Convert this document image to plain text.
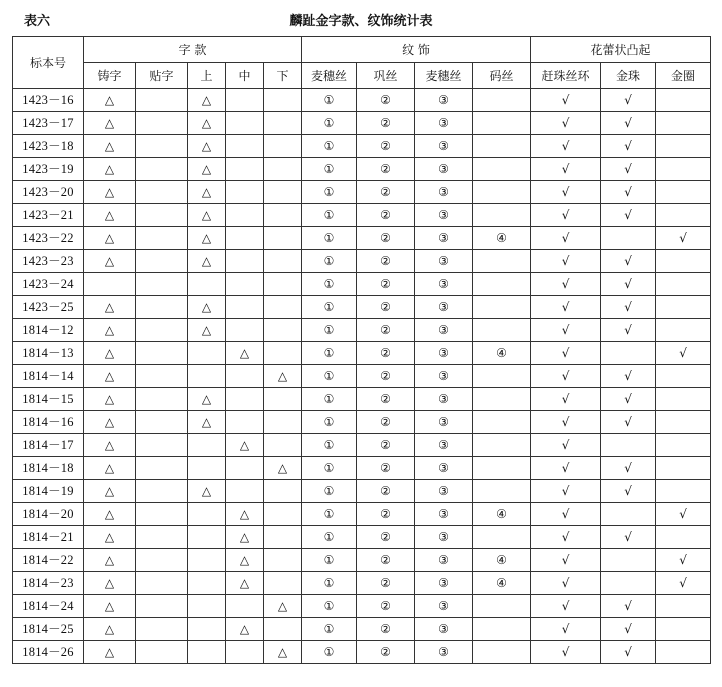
表六	麟趾金字款、纹饰统计表
标本号	字 款					纹 饰				花蕾状凸起		
	铸字	贴字	上	中	下	麦穗丝	巩丝	麦穗丝	码丝	赶珠丝环	金珠	金圈
1423－16	△		△			①	②	③		√	√	
1423－17	△		△			①	②	③		√	√	
1423－18	△		△			①	②	③		√	√	
1423－19	△		△			①	②	③		√	√	
1423－20	△		△			①	②	③		√	√	
1423－21	△		△			①	②	③		√	√	
1423－22	△		△			①	②	③	④	√		√
1423－23	△		△			①	②	③		√	√	
1423－24						①	②	③		√	√	
1423－25	△		△			①	②	③		√	√	
1814－12	△		△			①	②	③		√	√	
1814－13	△			△		①	②	③	④	√		√
1814－14	△				△	①	②	③		√	√	
1814－15	△		△			①	②	③		√	√	
1814－16	△		△			①	②	③		√	√	
1814－17	△			△		①	②	③		√		
1814－18	△				△	①	②	③		√	√	
1814－19	△		△			①	②	③		√	√	
1814－20	△			△		①	②	③	④	√		√
1814－21	△			△		①	②	③		√	√	
1814－22	△			△		①	②	③	④	√		√
1814－23	△			△		①	②	③	④	√		√
1814－24	△				△	①	②	③		√	√	
1814－25	△			△		①	②	③		√	√	
1814－26	△				△	①	②	③		√	√	
